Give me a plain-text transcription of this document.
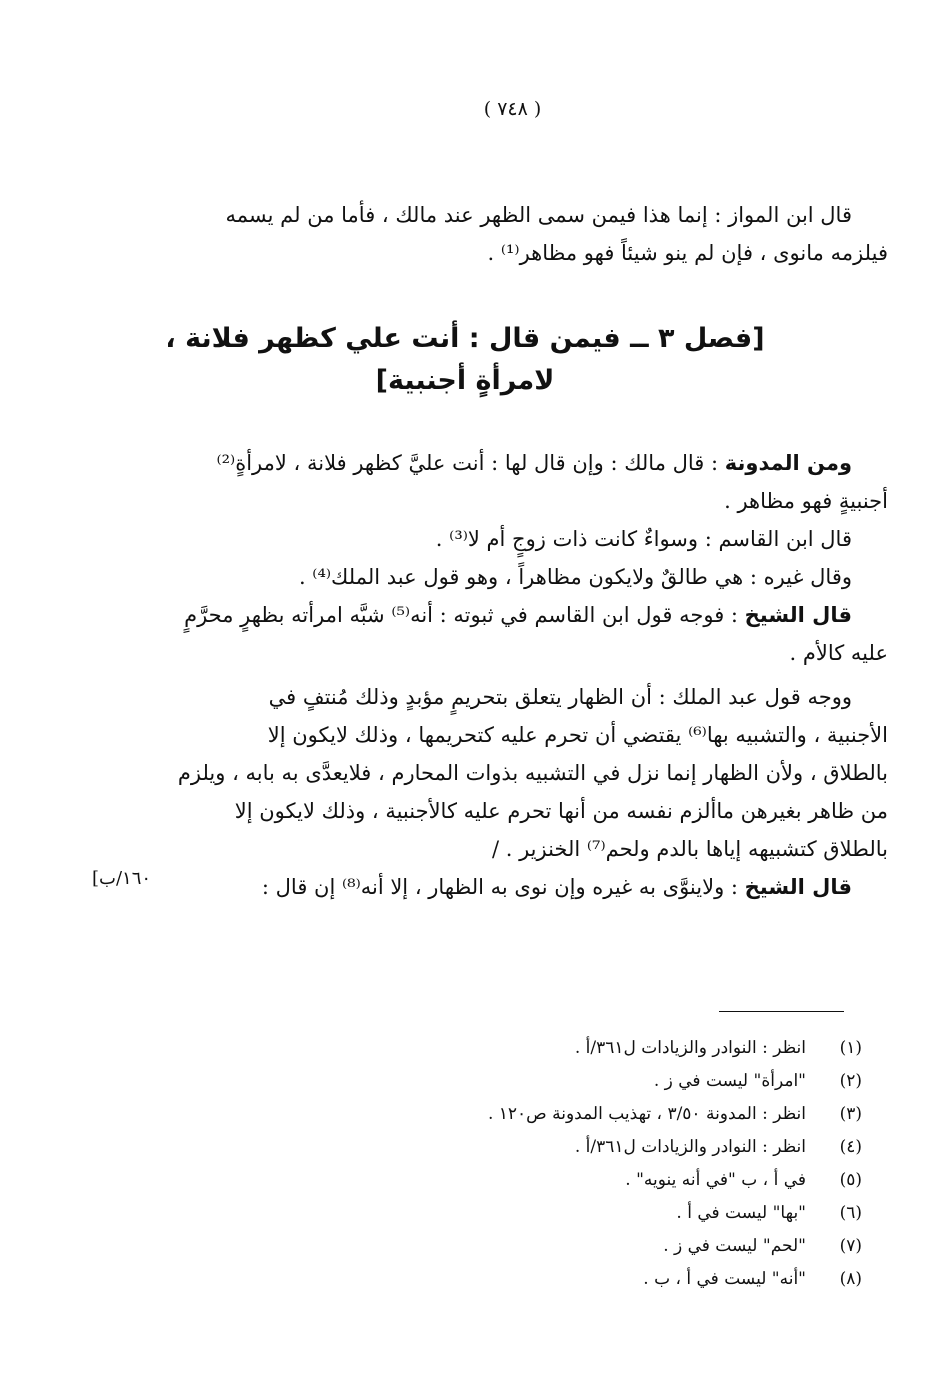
( ٧٤٨ )
قال ابن المواز : إنما هذا فيمن سمى الظهر عند مالك ، فأما من لم يسمه
فيلزمه مانوى ، فإن لم ينو شيئاً فهو مظاهر⁽¹⁾ .
[فصل ٣ ــ فيمن قال : أنت علي كظهر فلانة ،
لامرأةٍ أجنبية]
ومن المدونة : قال مالك : وإن قال لها : أنت عليَّ كظهر فلانة ، لامرأةٍ⁽²⁾
أجنبيةٍ فهو مظاهر .
قال ابن القاسم : وسواءٌ كانت ذات زوجٍ أم لا⁽³⁾ .
وقال غيره : هي طالقٌ ولايكون مظاهراً ، وهو قول عبد الملك⁽⁴⁾ .
قال الشيخ : فوجه قول ابن القاسم في ثبوته : أنه⁽⁵⁾ شبَّه امرأته بظهرٍ محرَّمٍ
عليه كالأم .
ووجه قول عبد الملك : أن الظهار يتعلق بتحريمٍ مؤبدٍ وذلك مُنتفٍ في
الأجنبية ، والتشبيه بها⁽⁶⁾ يقتضي أن تحرم عليه كتحريمها ، وذلك لايكون إلا
بالطلاق ، ولأن الظهار إنما نزل في التشبيه بذوات المحارم ، فلايعدَّى به بابه ، ويلزم
من ظاهر بغيرهن ماألزم نفسه من أنها تحرم عليه كالأجنبية ، وذلك لايكون إلا
بالطلاق كتشبيهه إياها بالدم ولحم⁽⁷⁾ الخنزير . /
قال الشيخ : ولاينوَّى به غيره وإن نوى به الظهار ، إلا أنه⁽⁸⁾ إن قال :
[١٦٠/ب
(١)انظر : النوادر والزيادات ل٣٦١/أ .
(٢)"امرأة" ليست في ز .
(٣)انظر : المدونة ٣/٥٠ ، تهذيب المدونة ص١٢٠ .
(٤)انظر : النوادر والزيادات ل٣٦١/أ .
(٥)في أ ، ب "في أنه ينويه" .
(٦)"بها" ليست في أ .
(٧)"لحم" ليست في ز .
(٨)"أنه" ليست في أ ، ب .
